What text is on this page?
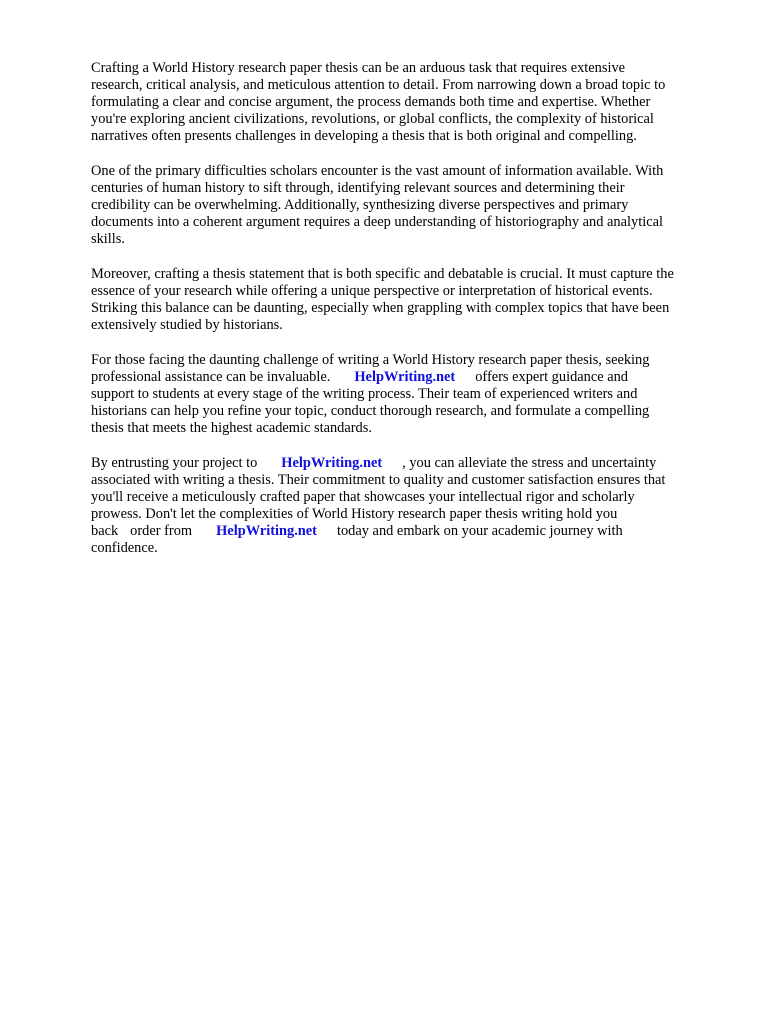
Crafting a World History research paper thesis can be an arduous task that requires extensive
research, critical analysis, and meticulous attention to detail. From narrowing down a broad topic to
formulating a clear and concise argument, the process demands both time and expertise. Whether
you're exploring ancient civilizations, revolutions, or global conflicts, the complexity of historical
narratives often presents challenges in developing a thesis that is both original and compelling.
One of the primary difficulties scholars encounter is the vast amount of information available. With
centuries of human history to sift through, identifying relevant sources and determining their
credibility can be overwhelming. Additionally, synthesizing diverse perspectives and primary
documents into a coherent argument requires a deep understanding of historiography and analytical
skills.
Moreover, crafting a thesis statement that is both specific and debatable is crucial. It must capture the
essence of your research while offering a unique perspective or interpretation of historical events.
Striking this balance can be daunting, especially when grappling with complex topics that have been
extensively studied by historians.
For those facing the daunting challenge of writing a World History research paper thesis, seeking
professional assistance can be invaluable. HelpWriting.net offers expert guidance and
support to students at every stage of the writing process. Their team of experienced writers and
historians can help you refine your topic, conduct thorough research, and formulate a compelling
thesis that meets the highest academic standards.
By entrusting your project to HelpWriting.net , you can alleviate the stress and uncertainty
associated with writing a thesis. Their commitment to quality and customer satisfaction ensures that
you'll receive a meticulously crafted paper that showcases your intellectual rigor and scholarly
prowess. Don't let the complexities of World History research paper thesis writing hold you
back order from HelpWriting.net today and embark on your academic journey with
confidence.
